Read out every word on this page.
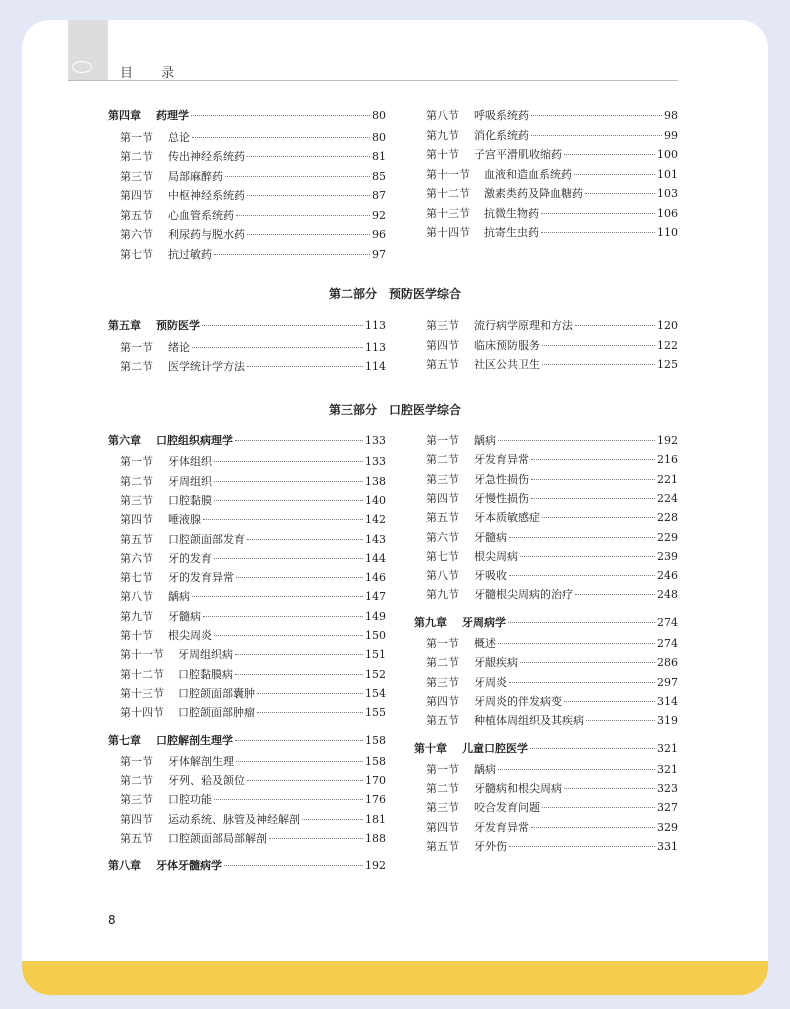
目 录
第二部分　预防医学综合
第三部分　口腔医学综合
8
第四章 药理学	80
第一节 总论	80
第二节 传出神经系统药	81
第三节 局部麻醉药	85
第四节 中枢神经系统药	87
第五节 心血管系统药	92
第六节 利尿药与脱水药	96
第七节 抗过敏药	97
第八节 呼吸系统药	98
第九节 消化系统药	99
第十节 子宫平滑肌收缩药	100
第十一节 血液和造血系统药	101
第十二节 激素类药及降血糖药	103
第十三节 抗微生物药	106
第十四节 抗寄生虫药	110
第五章 预防医学	113
第一节 绪论	113
第二节 医学统计学方法	114
第三节 流行病学原理和方法	120
第四节 临床预防服务	122
第五节 社区公共卫生	125
第六章 口腔组织病理学	133
第一节 牙体组织	133
第二节 牙周组织	138
第三节 口腔黏膜	140
第四节 唾液腺	142
第五节 口腔颌面部发育	143
第六节 牙的发育	144
第七节 牙的发育异常	146
第八节 龋病	147
第九节 牙髓病	149
第十节 根尖周炎	150
第十一节 牙周组织病	151
第十二节 口腔黏膜病	152
第十三节 口腔颌面部囊肿	154
第十四节 口腔颌面部肿瘤	155
第七章 口腔解剖生理学	158
第一节 牙体解剖生理	158
第二节 牙列、𬌗及颌位	170
第三节 口腔功能	176
第四节 运动系统、脉管及神经解剖	181
第五节 口腔颌面部局部解剖	188
第八章 牙体牙髓病学	192
第一节 龋病	192
第二节 牙发育异常	216
第三节 牙急性损伤	221
第四节 牙慢性损伤	224
第五节 牙本质敏感症	228
第六节 牙髓病	229
第七节 根尖周病	239
第八节 牙吸收	246
第九节 牙髓根尖周病的治疗	248
第九章 牙周病学	274
第一节 概述	274
第二节 牙龈疾病	286
第三节 牙周炎	297
第四节 牙周炎的伴发病变	314
第五节 种植体周组织及其疾病	319
第十章 儿童口腔医学	321
第一节 龋病	321
第二节 牙髓病和根尖周病	323
第三节 咬合发育问题	327
第四节 牙发育异常	329
第五节 牙外伤	331
